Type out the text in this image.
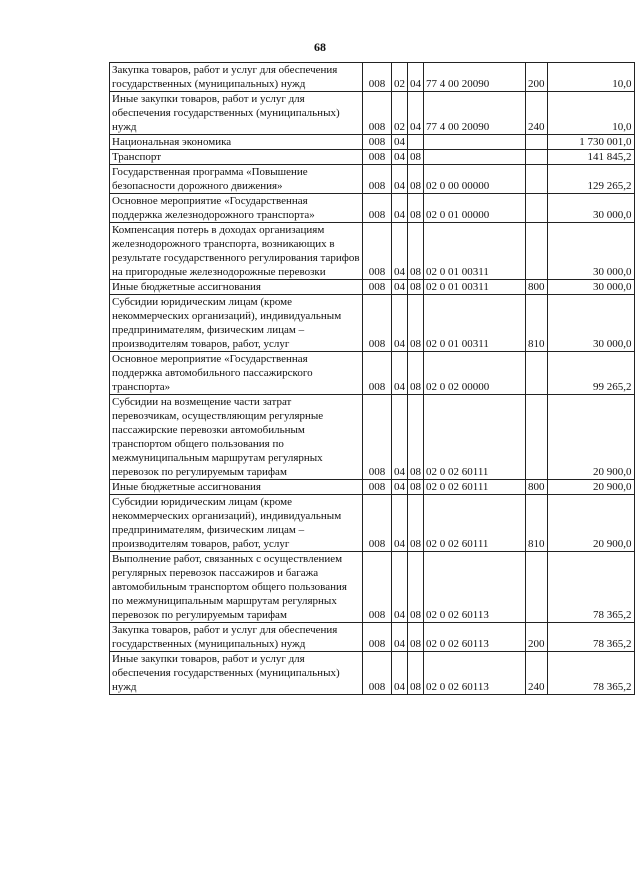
68
Закупка товаров, работ и услуг для обеспечения государственных (муниципальных) нужд	008	02	04	77 4 00 20090	200	10,0
Иные закупки товаров, работ и услуг для обеспечения государственных (муниципальных) нужд	008	02	04	77 4 00 20090	240	10,0
Национальная экономика	008	04				1 730 001,0
Транспорт	008	04	08			141 845,2
Государственная программа «Повышение безопасности дорожного движения»	008	04	08	02 0 00 00000		129 265,2
Основное мероприятие «Государственная поддержка железнодорожного транспорта»	008	04	08	02 0 01 00000		30 000,0
Компенсация потерь в доходах организациям железнодорожного транспорта, возникающих в результате государственного регулирования тарифов на пригородные железнодорожные перевозки	008	04	08	02 0 01 00311		30 000,0
Иные бюджетные ассигнования	008	04	08	02 0 01 00311	800	30 000,0
Субсидии юридическим лицам (кроме некоммерческих организаций), индивидуальным предпринимателям, физическим лицам – производителям товаров, работ, услуг	008	04	08	02 0 01 00311	810	30 000,0
Основное мероприятие «Государственная поддержка автомобильного пассажирского транспорта»	008	04	08	02 0 02 00000		99 265,2
Субсидии на возмещение части затрат перевозчикам, осуществляющим регулярные пассажирские перевозки автомобильным транспортом общего пользования по межмуниципальным маршрутам регулярных перевозок по регулируемым тарифам	008	04	08	02 0 02 60111		20 900,0
Иные бюджетные ассигнования	008	04	08	02 0 02 60111	800	20 900,0
Субсидии юридическим лицам (кроме некоммерческих организаций), индивидуальным предпринимателям, физическим лицам – производителям товаров, работ, услуг	008	04	08	02 0 02 60111	810	20 900,0
Выполнение работ, связанных с осуществлением регулярных перевозок пассажиров и багажа автомобильным транспортом общего пользования по межмуниципальным маршрутам регулярных перевозок по регулируемым тарифам	008	04	08	02 0 02 60113		78 365,2
Закупка товаров, работ и услуг для обеспечения государственных (муниципальных) нужд	008	04	08	02 0 02 60113	200	78 365,2
Иные закупки товаров, работ и услуг для обеспечения государственных (муниципальных) нужд	008	04	08	02 0 02 60113	240	78 365,2
